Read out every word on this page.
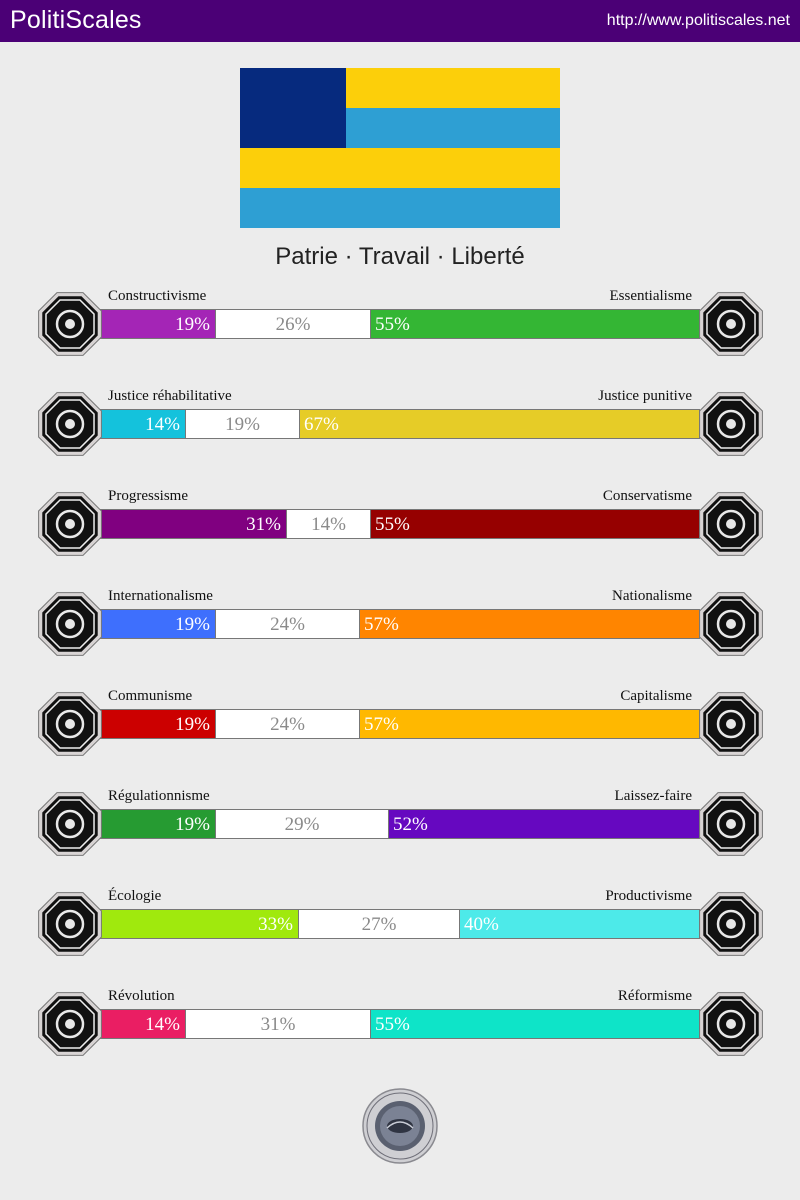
PolitiScales	http://www.politiscales.net
Patrie · Travail · Liberté
19%	26%	55%
Constructivisme	Essentialisme
14%	19%	67%
Justice réhabilitative	Justice punitive
31%	14%	55%
Progressisme	Conservatisme
19%	24%	57%
Internationalisme	Nationalisme
19%	24%	57%
Communisme	Capitalisme
19%	29%	52%
Régulationnisme	Laissez-faire
33%	27%	40%
Écologie	Productivisme
14%	31%	55%
Révolution	Réformisme
